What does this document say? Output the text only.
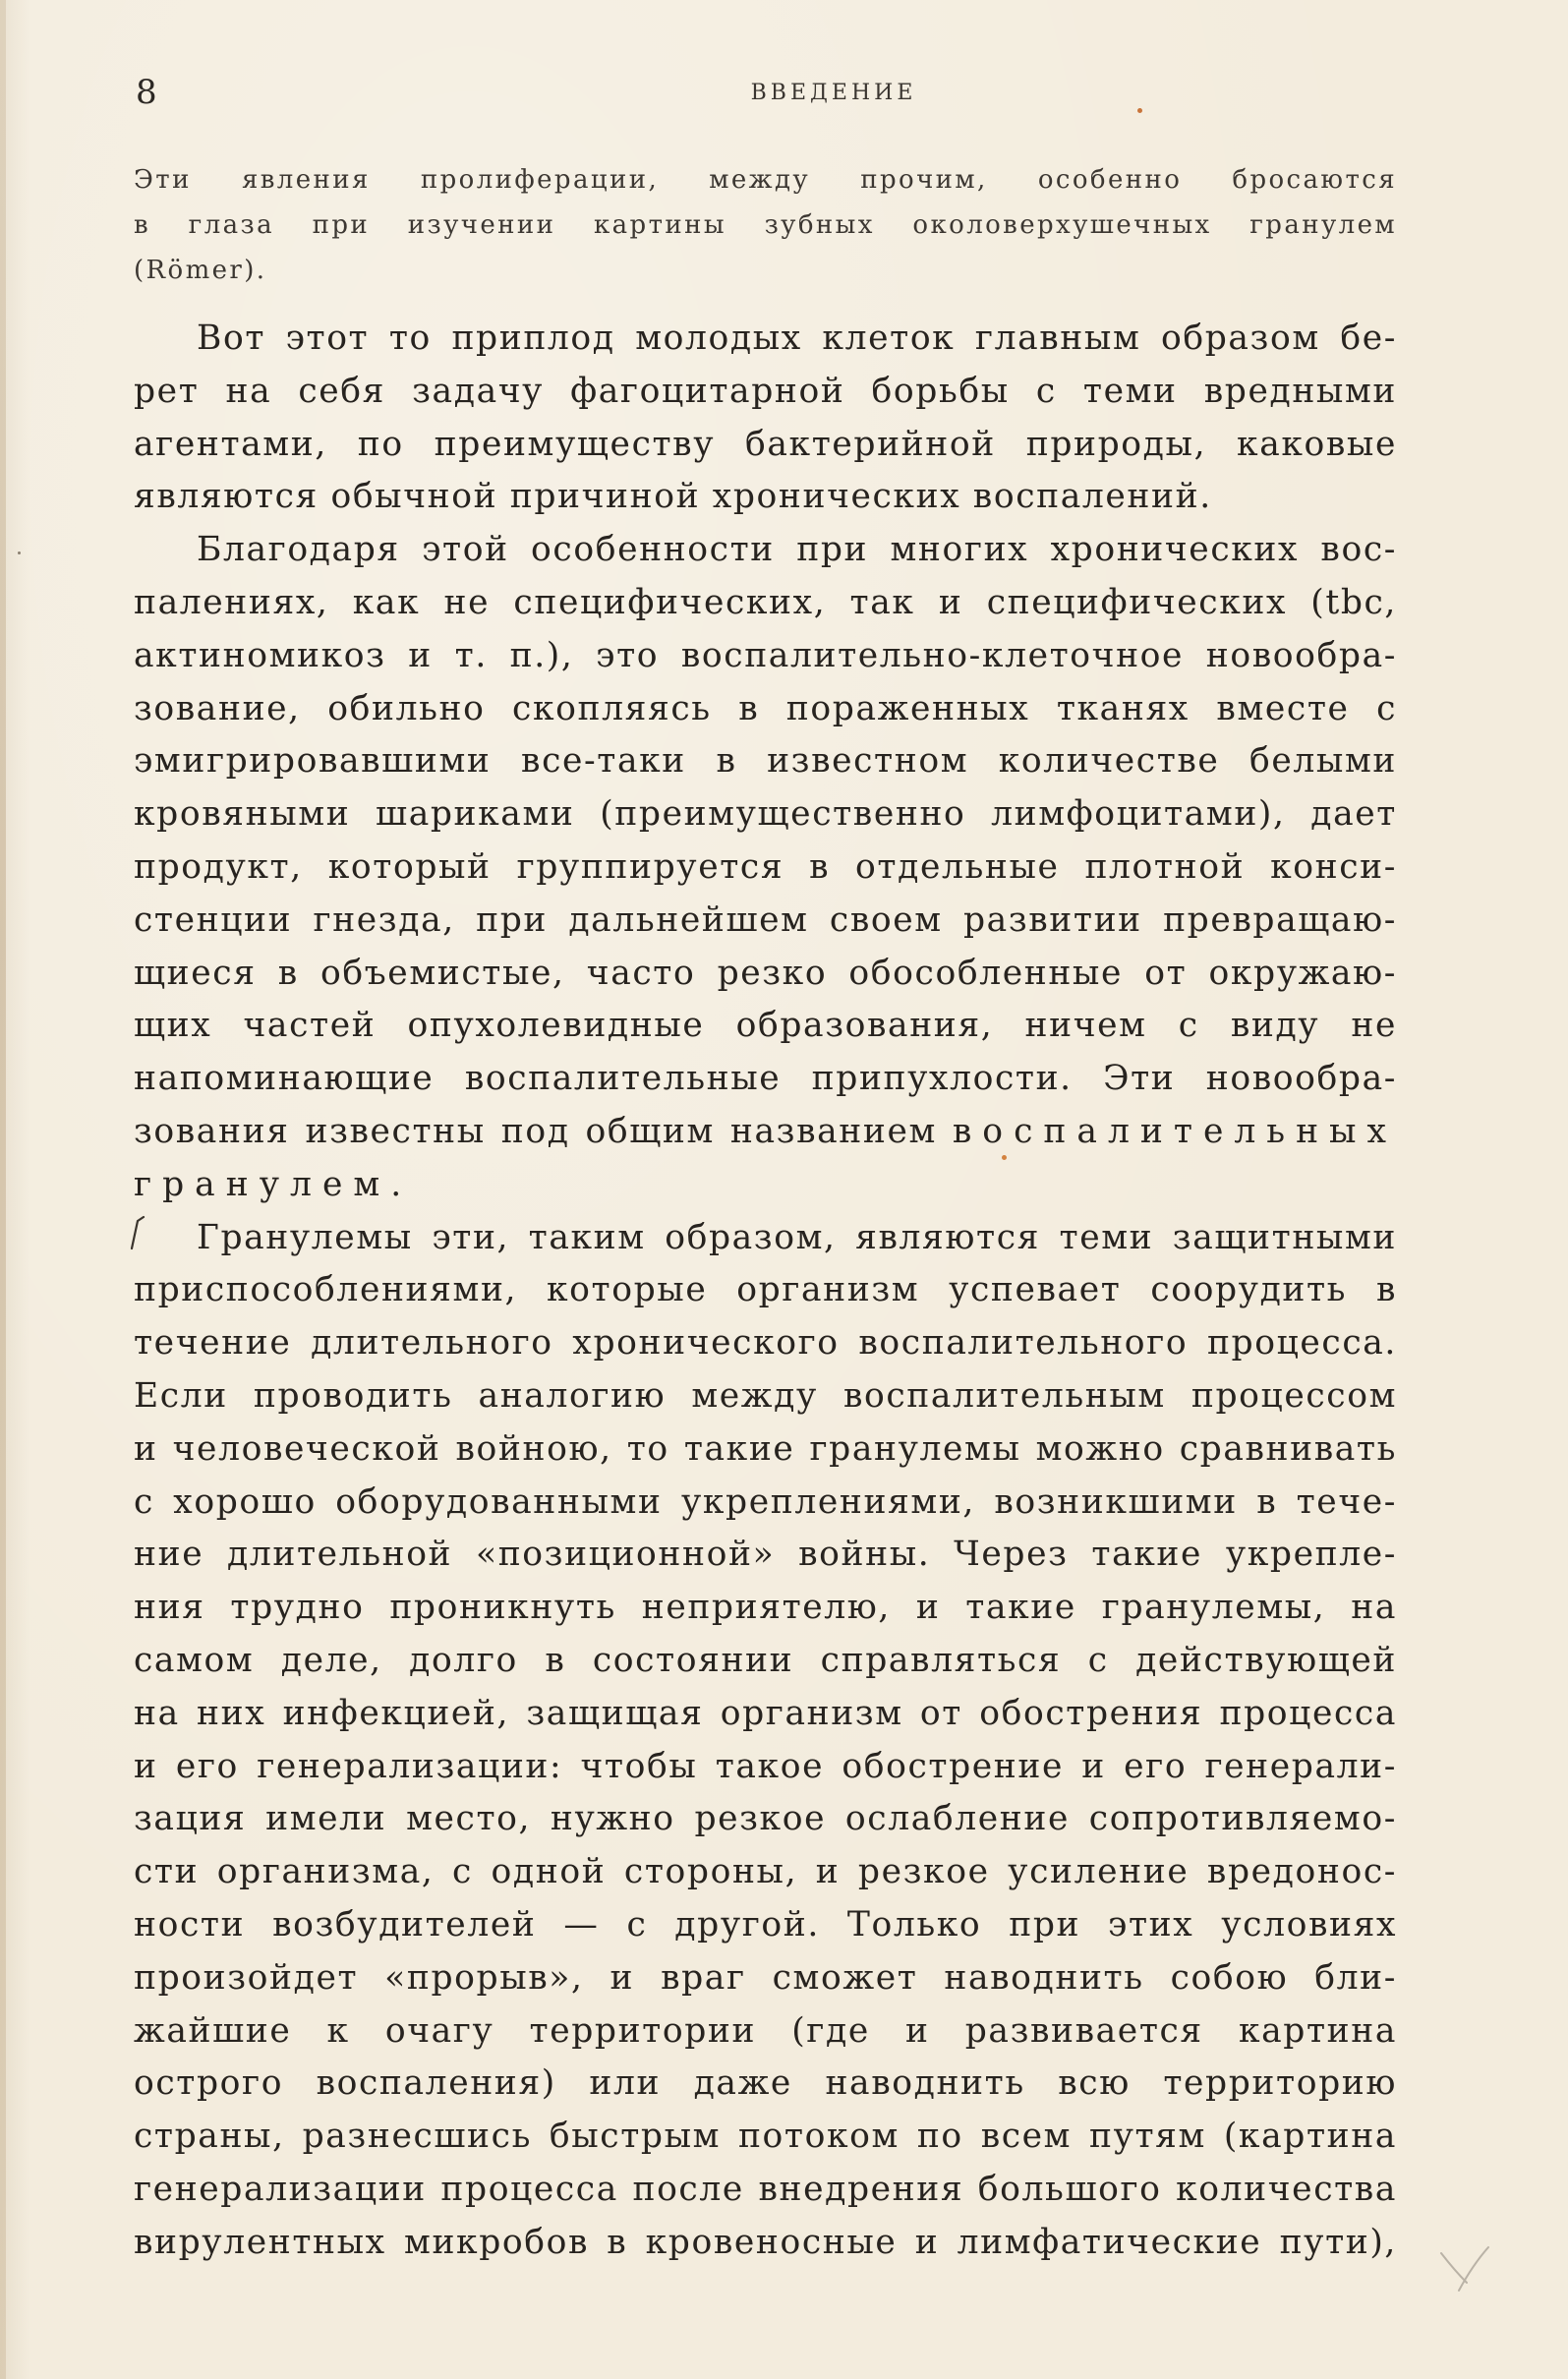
8	ВВЕДЕНИЕ
Эти явления пролиферации, между прочим, особенно бросаются
в глаза при изучении картины зубных околоверхушечных гранулем
(Römer).
Вот этот то приплод молодых клеток главным образом бе-
рет на себя задачу фагоцитарной борьбы с теми вредными
агентами, по преимуществу бактерийной природы, каковые
являются обычной причиной хронических воспалений.
Благодаря этой особенности при многих хронических вос-
палениях, как не специфических, так и специфических (tbc,
актиномикоз и т. п.), это воспалительно-клеточное новообра-
зование, обильно скопляясь в пораженных тканях вместе с
эмигрировавшими все-таки в известном количестве белыми
кровяными шариками (преимущественно лимфоцитами), дает
продукт, который группируется в отдельные плотной конси-
стенции гнезда, при дальнейшем своем развитии превращаю-
щиеся в объемистые, часто резко обособленные от окружаю-
щих частей опухолевидные образования, ничем с виду не
напоминающие воспалительные припухлости. Эти новообра-
зования известны под общим названием воспалительных
гранулем.
Гранулемы эти, таким образом, являются теми защитными
приспособлениями, которые организм успевает соорудить в
течение длительного хронического воспалительного процесса.
Если проводить аналогию между воспалительным процессом
и человеческой войною, то такие гранулемы можно сравнивать
с хорошо оборудованными укреплениями, возникшими в тече-
ние длительной «позиционной» войны. Через такие укрепле-
ния трудно проникнуть неприятелю, и такие гранулемы, на
самом деле, долго в состоянии справляться с действующей
на них инфекцией, защищая организм от обострения процесса
и его генерализации: чтобы такое обострение и его генерали-
зация имели место, нужно резкое ослабление сопротивляемо-
сти организма, с одной стороны, и резкое усиление вредонос-
ности возбудителей — с другой. Только при этих условиях
произойдет «прорыв», и враг сможет наводнить собою бли-
жайшие к очагу территории (где и развивается картина
острого воспаления) или даже наводнить всю территорию
страны, разнесшись быстрым потоком по всем путям (картина
генерализации процесса после внедрения большого количества
вирулентных микробов в кровеносные и лимфатические пути),
